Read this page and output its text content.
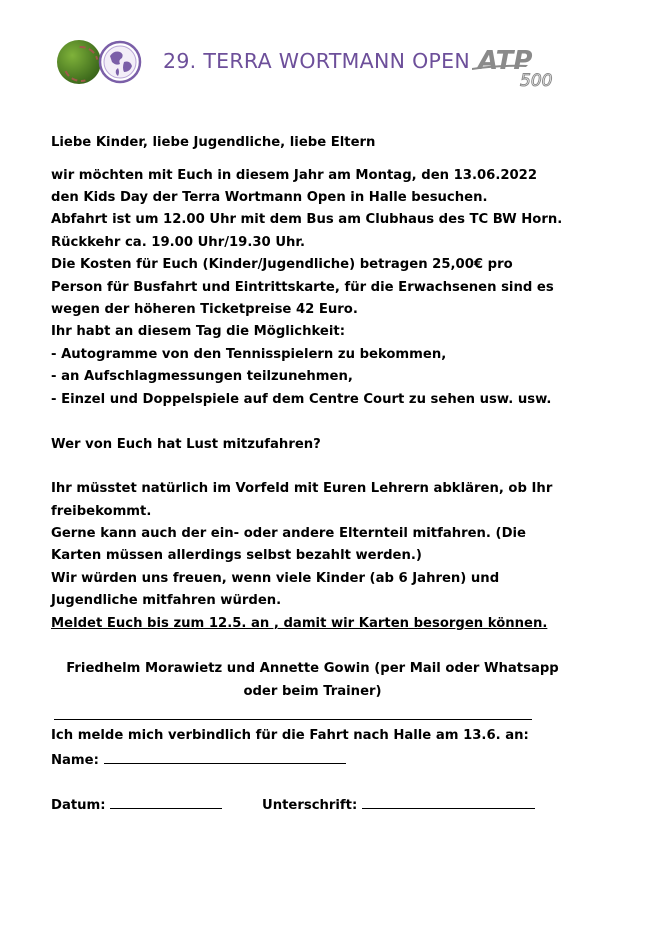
29. TERRA WORTMANN OPEN ATP
500
Liebe Kinder, liebe Jugendliche, liebe Eltern
wir möchten mit Euch in diesem Jahr am Montag, den 13.06.2022
den Kids Day der Terra Wortmann Open in Halle besuchen.
Abfahrt ist um 12.00 Uhr mit dem Bus am Clubhaus des TC BW Horn.
Rückkehr ca. 19.00 Uhr/19.30 Uhr.
Die Kosten für Euch (Kinder/Jugendliche) betragen 25,00€ pro
Person für Busfahrt und Eintrittskarte, für die Erwachsenen sind es
wegen der höheren Ticketpreise 42 Euro.
Ihr habt an diesem Tag die Möglichkeit:
- Autogramme von den Tennisspielern zu bekommen,
- an Aufschlagmessungen teilzunehmen,
- Einzel und Doppelspiele auf dem Centre Court zu sehen usw. usw.
Wer von Euch hat Lust mitzufahren?
Ihr müsstet natürlich im Vorfeld mit Euren Lehrern abklären, ob Ihr
freibekommt.
Gerne kann auch der ein- oder andere Elternteil mitfahren. (Die
Karten müssen allerdings selbst bezahlt werden.)
Wir würden uns freuen, wenn viele Kinder (ab 6 Jahren) und
Jugendliche mitfahren würden.
Meldet Euch bis zum 12.5. an , damit wir Karten besorgen können.
Friedhelm Morawietz und Annette Gowin (per Mail oder Whatsapp
oder beim Trainer)
Ich melde mich verbindlich für die Fahrt nach Halle am 13.6. an:
Name:
Datum:	Unterschrift:
